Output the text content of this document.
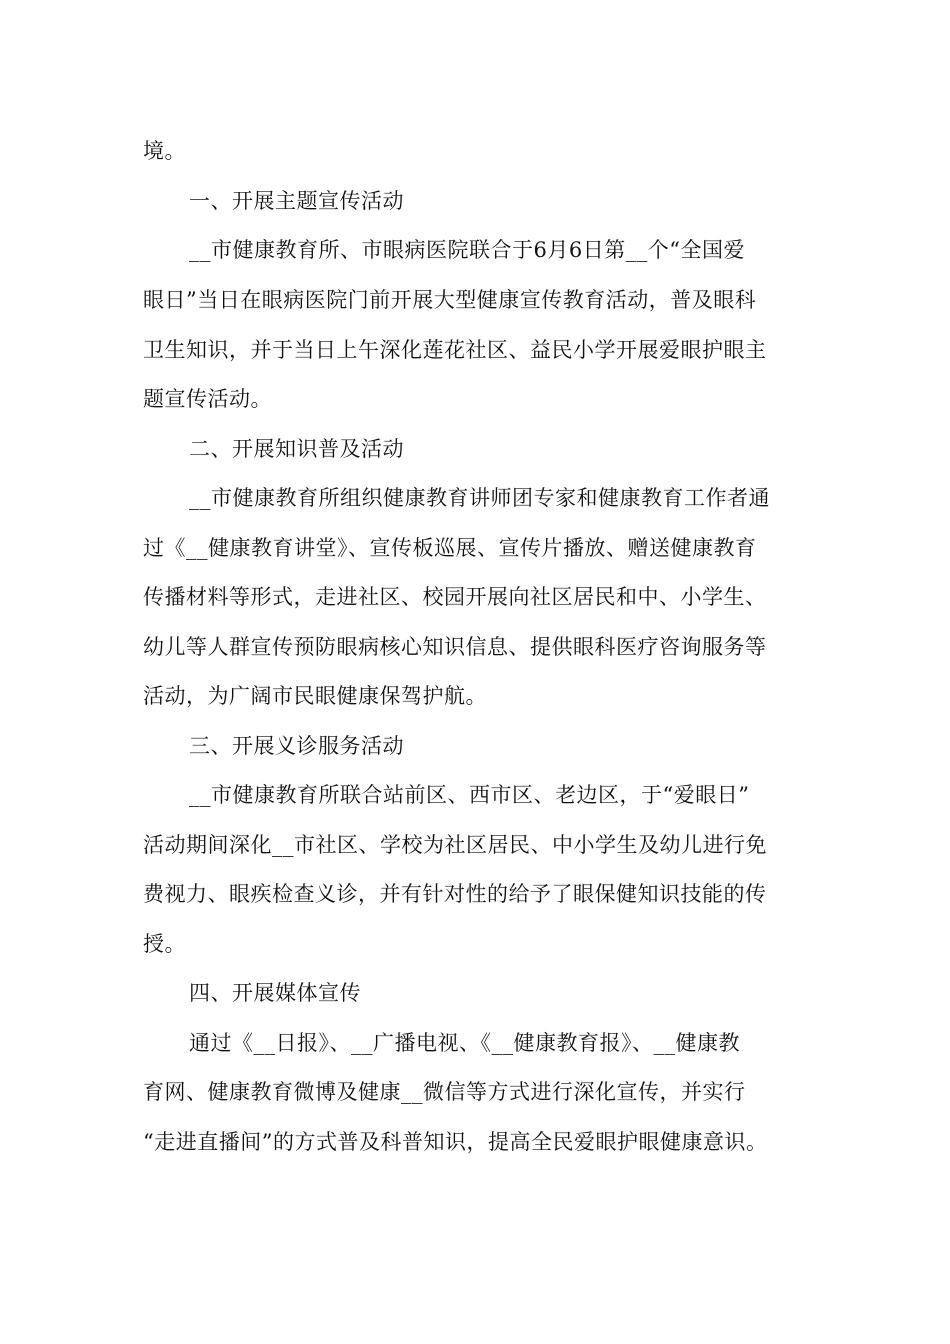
境。
一、开展主题宣传活动
__市健康教育所、市眼病医院联合于6月6日第__个“全国爱
眼日”当日在眼病医院门前开展大型健康宣传教育活动，普及眼科
卫生知识，并于当日上午深化莲花社区、益民小学开展爱眼护眼主
题宣传活动。
二、开展知识普及活动
__市健康教育所组织健康教育讲师团专家和健康教育工作者通
过《__健康教育讲堂》、宣传板巡展、宣传片播放、赠送健康教育
传播材料等形式，走进社区、校园开展向社区居民和中、小学生、
幼儿等人群宣传预防眼病核心知识信息、提供眼科医疗咨询服务等
活动，为广阔市民眼健康保驾护航。
三、开展义诊服务活动
__市健康教育所联合站前区、西市区、老边区，于“爱眼日”
活动期间深化__市社区、学校为社区居民、中小学生及幼儿进行免
费视力、眼疾检查义诊，并有针对性的给予了眼保健知识技能的传
授。
四、开展媒体宣传
通过《__日报》、__广播电视、《__健康教育报》、__健康教
育网、健康教育微博及健康__微信等方式进行深化宣传，并实行
“走进直播间”的方式普及科普知识，提高全民爱眼护眼健康意识。
